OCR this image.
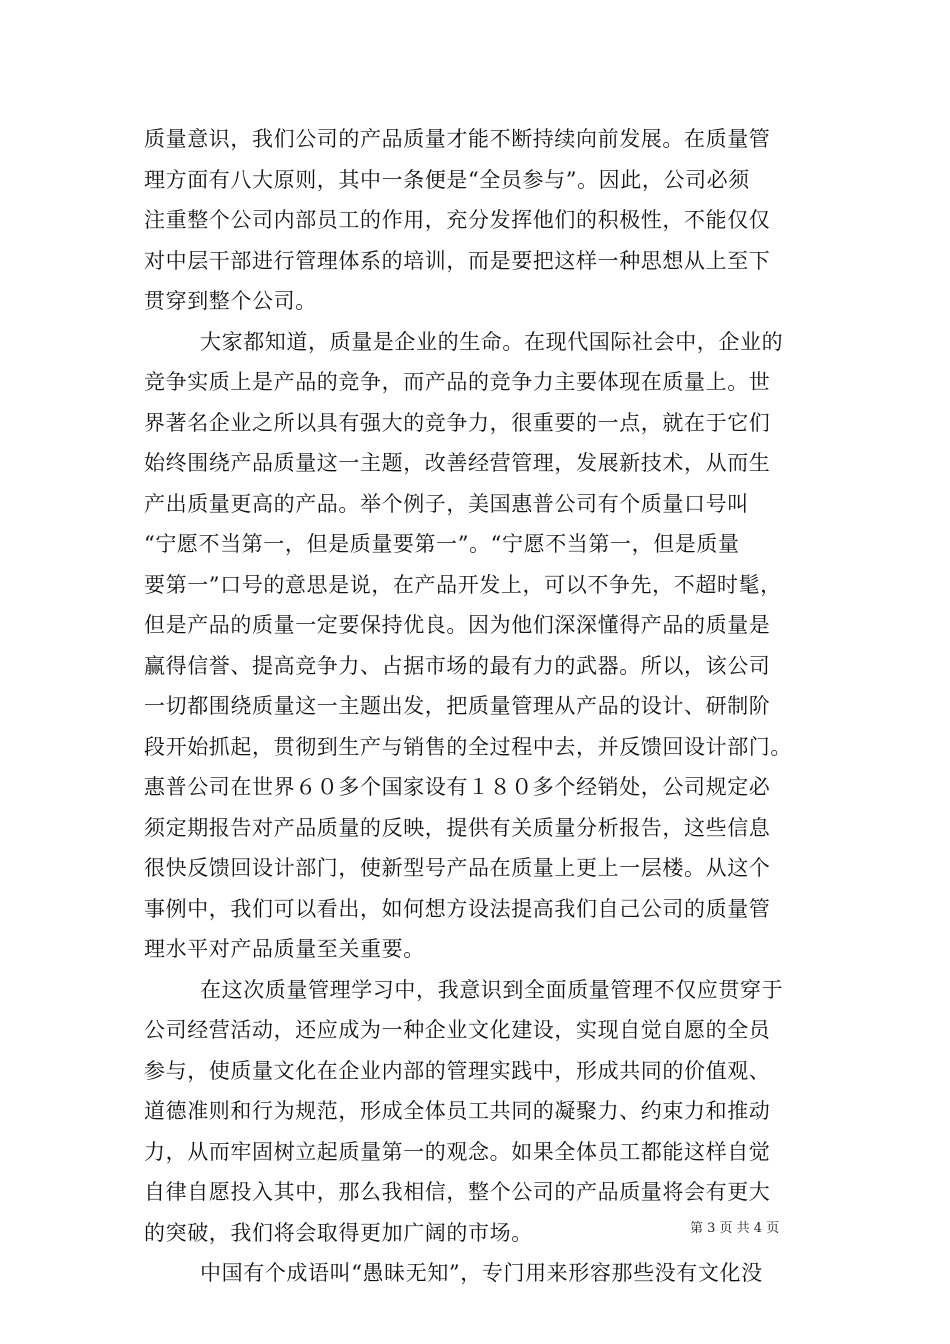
质量意识，我们公司的产品质量才能不断持续向前发展。在质量管
理方面有八大原则，其中一条便是“全员参与”。因此，公司必须
注重整个公司内部员工的作用，充分发挥他们的积极性，不能仅仅
对中层干部进行管理体系的培训，而是要把这样一种思想从上至下
贯穿到整个公司。
大家都知道，质量是企业的生命。在现代国际社会中，企业的
竞争实质上是产品的竞争，而产品的竞争力主要体现在质量上。世
界著名企业之所以具有强大的竞争力，很重要的一点，就在于它们
始终围绕产品质量这一主题，改善经营管理，发展新技术，从而生
产出质量更高的产品。举个例子，美国惠普公司有个质量口号叫
“宁愿不当第一，但是质量要第一”。“宁愿不当第一，但是质量
要第一”口号的意思是说，在产品开发上，可以不争先，不超时髦，
但是产品的质量一定要保持优良。因为他们深深懂得产品的质量是
赢得信誉、提高竞争力、占据市场的最有力的武器。所以，该公司
一切都围绕质量这一主题出发，把质量管理从产品的设计、研制阶
段开始抓起，贯彻到生产与销售的全过程中去，并反馈回设计部门。
惠普公司在世界６０多个国家设有１８０多个经销处，公司规定必
须定期报告对产品质量的反映，提供有关质量分析报告，这些信息
很快反馈回设计部门，使新型号产品在质量上更上一层楼。从这个
事例中，我们可以看出，如何想方设法提高我们自己公司的质量管
理水平对产品质量至关重要。
在这次质量管理学习中，我意识到全面质量管理不仅应贯穿于
公司经营活动，还应成为一种企业文化建设，实现自觉自愿的全员
参与，使质量文化在企业内部的管理实践中，形成共同的价值观、
道德准则和行为规范，形成全体员工共同的凝聚力、约束力和推动
力，从而牢固树立起质量第一的观念。如果全体员工都能这样自觉
自律自愿投入其中，那么我相信，整个公司的产品质量将会有更大
的突破，我们将会取得更加广阔的市场。
中国有个成语叫“愚昧无知”，专门用来形容那些没有文化没
第 3 页 共 4 页
